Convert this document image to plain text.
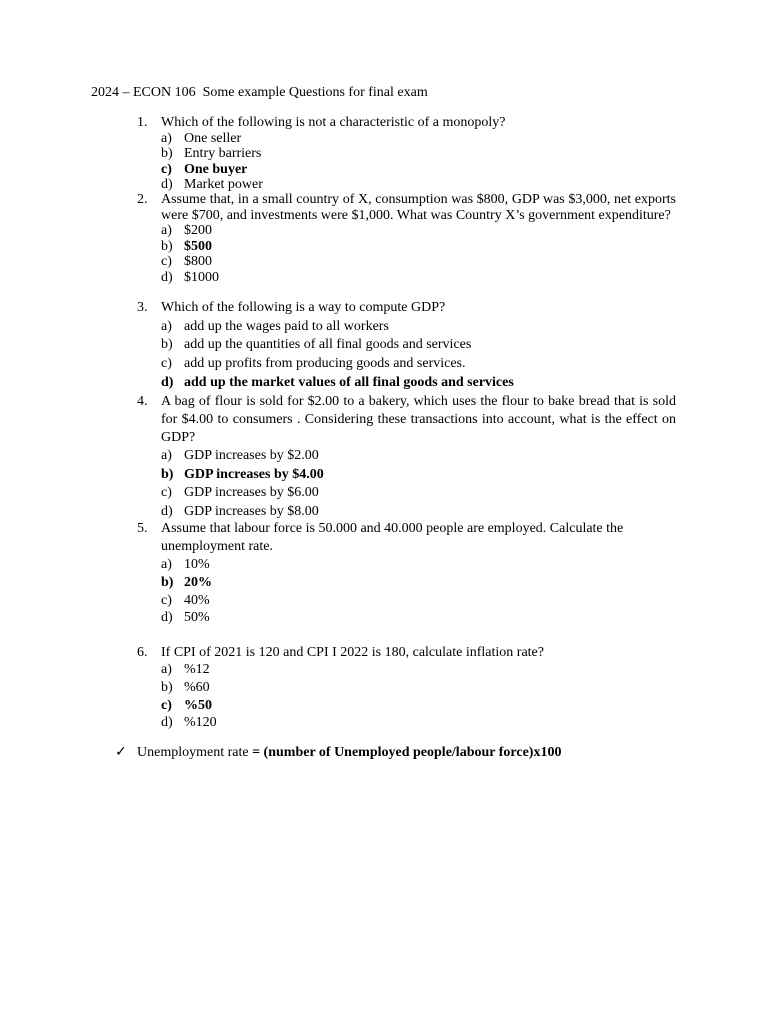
2024 – ECON 106  Some example Questions for final exam
1. Which of the following is not a characteristic of a monopoly?
a) One seller
b) Entry barriers
c) One buyer
d) Market power
2. Assume that, in a small country of X, consumption was $800, GDP was $3,000, net exports were $700, and investments were $1,000. What was Country X’s government expenditure?
a) $200
b) $500
c) $800
d) $1000
3. Which of the following is a way to compute GDP?
a) add up the wages paid to all workers
b) add up the quantities of all final goods and services
c) add up profits from producing goods and services.
d) add up the market values of all final goods and services
4. A bag of flour is sold for $2.00 to a bakery, which uses the flour to bake bread that is sold for $4.00 to consumers . Considering these transactions into account, what is the effect on GDP?
a) GDP increases by $2.00
b) GDP increases by $4.00
c) GDP increases by $6.00
d) GDP increases by $8.00
5. Assume that labour force is 50.000 and 40.000 people are employed. Calculate the unemployment rate.
a) 10%
b) 20%
c) 40%
d) 50%
6. If CPI of 2021 is 120 and CPI I 2022 is 180, calculate inflation rate?
a) %12
b) %60
c) %50
d) %120
✓ Unemployment rate = (number of Unemployed people/labour force)x100
